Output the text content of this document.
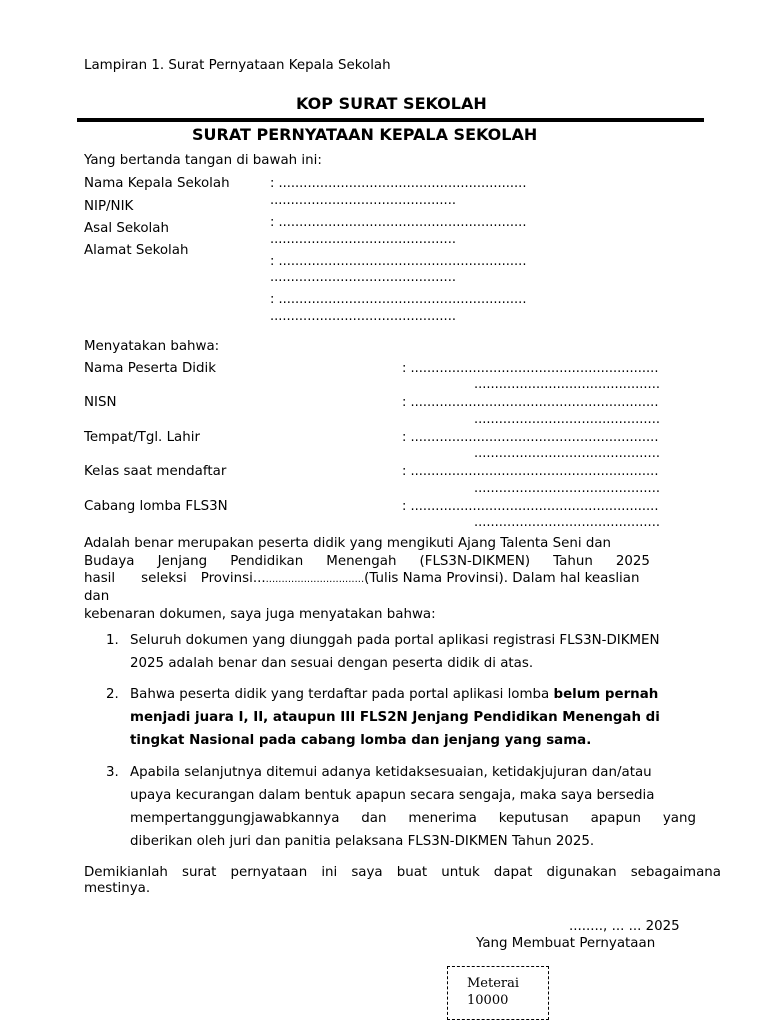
Lampiran 1. Surat Pernyataan Kepala Sekolah
KOP SURAT SEKOLAH
SURAT PERNYATAAN KEPALA SEKOLAH
Yang bertanda tangan di bawah ini:
Nama Kepala Sekolah
NIP/NIK
Asal Sekolah
Alamat Sekolah
: ............................................................
.............................................
: ............................................................
.............................................
: ............................................................
.............................................
: ............................................................
.............................................
Menyatakan bahwa:
Nama Peserta Didik
NISN
Tempat/Tgl. Lahir
Kelas saat mendaftar
Cabang lomba FLS3N
: ............................................................
.............................................
: ............................................................
.............................................
: ............................................................
.............................................
: ............................................................
.............................................
: ............................................................
.............................................
Adalah benar merupakan peserta didik yang mengikuti Ajang Talenta Seni dan
Budaya Jenjang Pendidikan Menengah (FLS3N-DIKMEN) Tahun 2025
hasil seleksi Provinsi..................................(Tulis Nama Provinsi). Dalam hal keaslian
dan
kebenaran dokumen, saya juga menyatakan bahwa:
1. Seluruh dokumen yang diunggah pada portal aplikasi registrasi FLS3N-DIKMEN
2025 adalah benar dan sesuai dengan peserta didik di atas.
2. Bahwa peserta didik yang terdaftar pada portal aplikasi lomba belum pernah
menjadi juara I, II, ataupun III FLS2N Jenjang Pendidikan Menengah di
tingkat Nasional pada cabang lomba dan jenjang yang sama.
3. Apabila selanjutnya ditemui adanya ketidaksesuaian, ketidakjujuran dan/atau
upaya kecurangan dalam bentuk apapun secara sengaja, maka saya bersedia
mempertanggungjawabkannya dan menerima keputusan apapun yang
diberikan oleh juri dan panitia pelaksana FLS3N-DIKMEN Tahun 2025.
Demikianlah surat pernyataan ini saya buat untuk dapat digunakan sebagaimana
mestinya.
........, ... ... 2025
Yang Membuat Pernyataan
Meterai
10000
